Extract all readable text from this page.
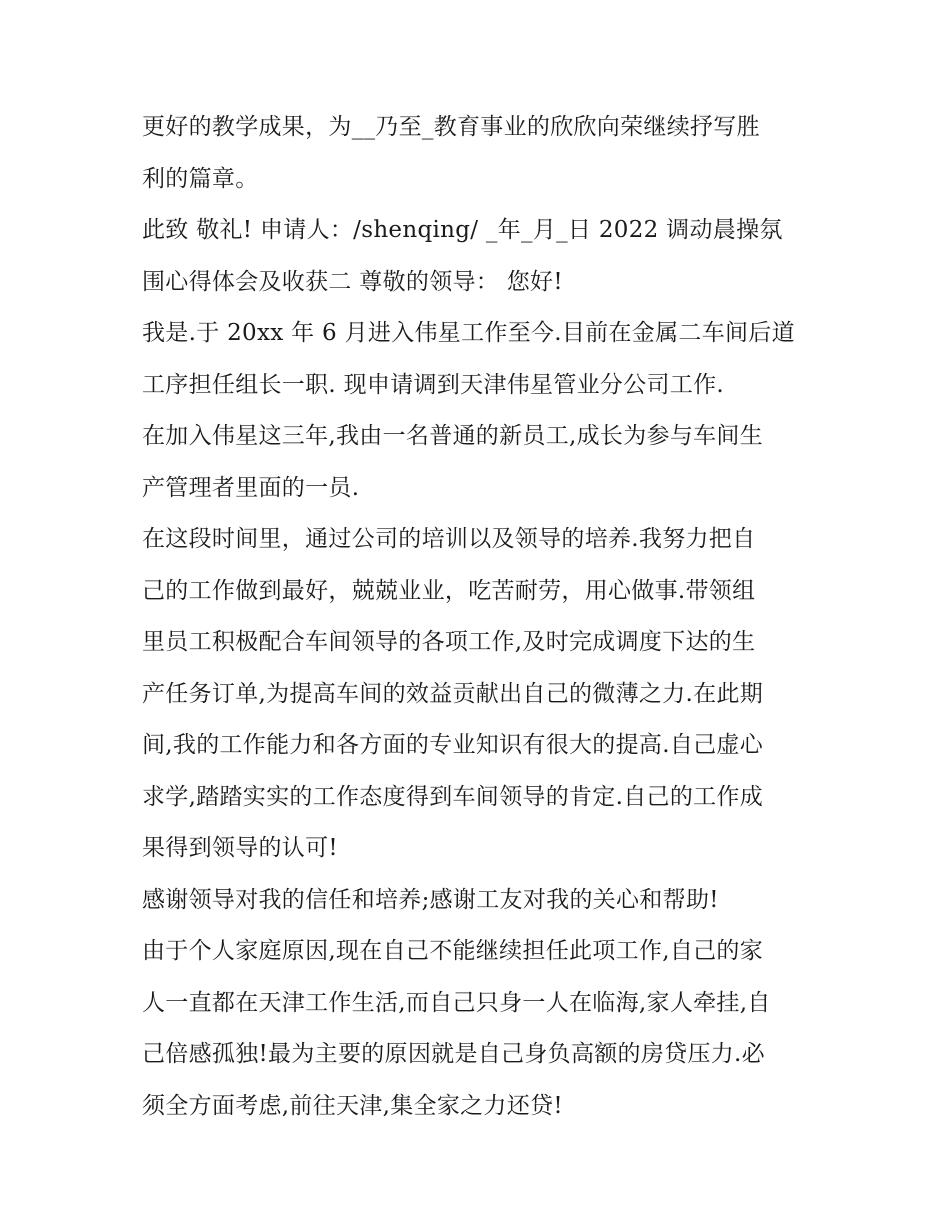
更好的教学成果，为__乃至_教育事业的欣欣向荣继续抒写胜
利的篇章。
此致 敬礼! 申请人：/shenqing/ _年_月_日 2022 调动晨操氛
围心得体会及收获二 尊敬的领导： 您好!
我是.于 20xx 年 6 月进入伟星工作至今.目前在金属二车间后道
工序担任组长一职. 现申请调到天津伟星管业分公司工作.
在加入伟星这三年,我由一名普通的新员工,成长为参与车间生
产管理者里面的一员.
在这段时间里，通过公司的培训以及领导的培养.我努力把自
己的工作做到最好，兢兢业业，吃苦耐劳，用心做事.带领组
里员工积极配合车间领导的各项工作,及时完成调度下达的生
产任务订单,为提高车间的效益贡献出自己的微薄之力.在此期
间,我的工作能力和各方面的专业知识有很大的提高.自己虚心
求学,踏踏实实的工作态度得到车间领导的肯定.自己的工作成
果得到领导的认可!
感谢领导对我的信任和培养;感谢工友对我的关心和帮助!
由于个人家庭原因,现在自己不能继续担任此项工作,自己的家
人一直都在天津工作生活,而自己只身一人在临海,家人牵挂,自
己倍感孤独!最为主要的原因就是自己身负高额的房贷压力.必
须全方面考虑,前往天津,集全家之力还贷!
